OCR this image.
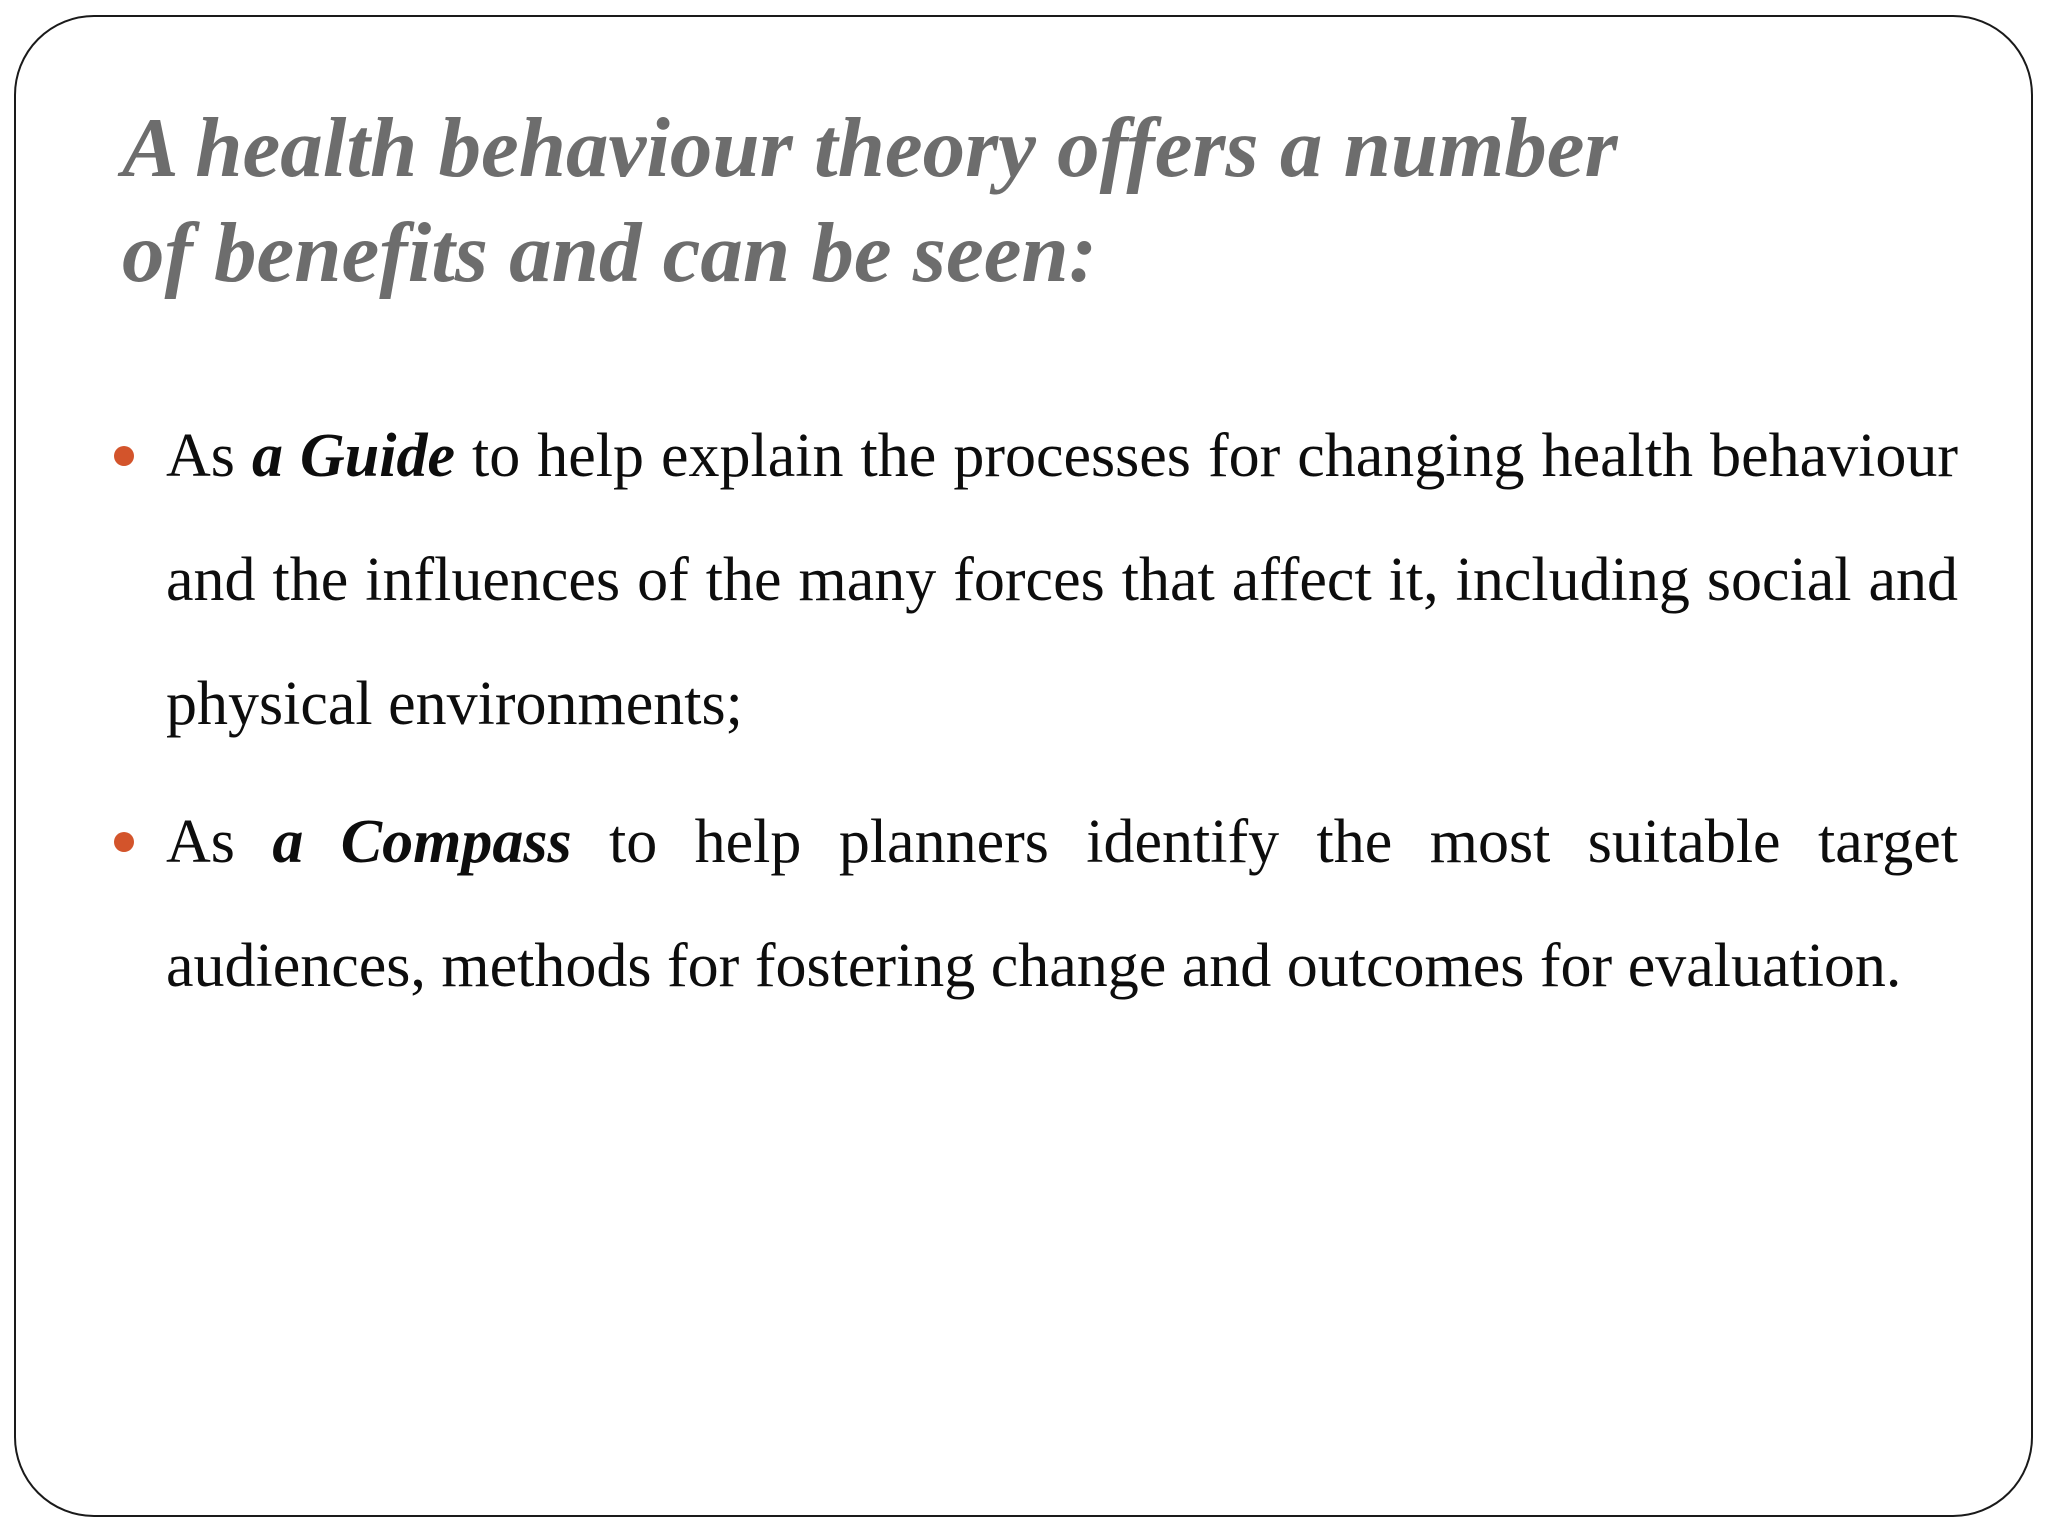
A health behaviour theory offers a number
of benefits and can be seen:
As a Guide to help explain the processes for changing health behaviour and the influences of the many forces that affect it, including social and physical environments;
As a Compass to help planners identify the most suitable target audiences, methods for fostering change and outcomes for evaluation.
